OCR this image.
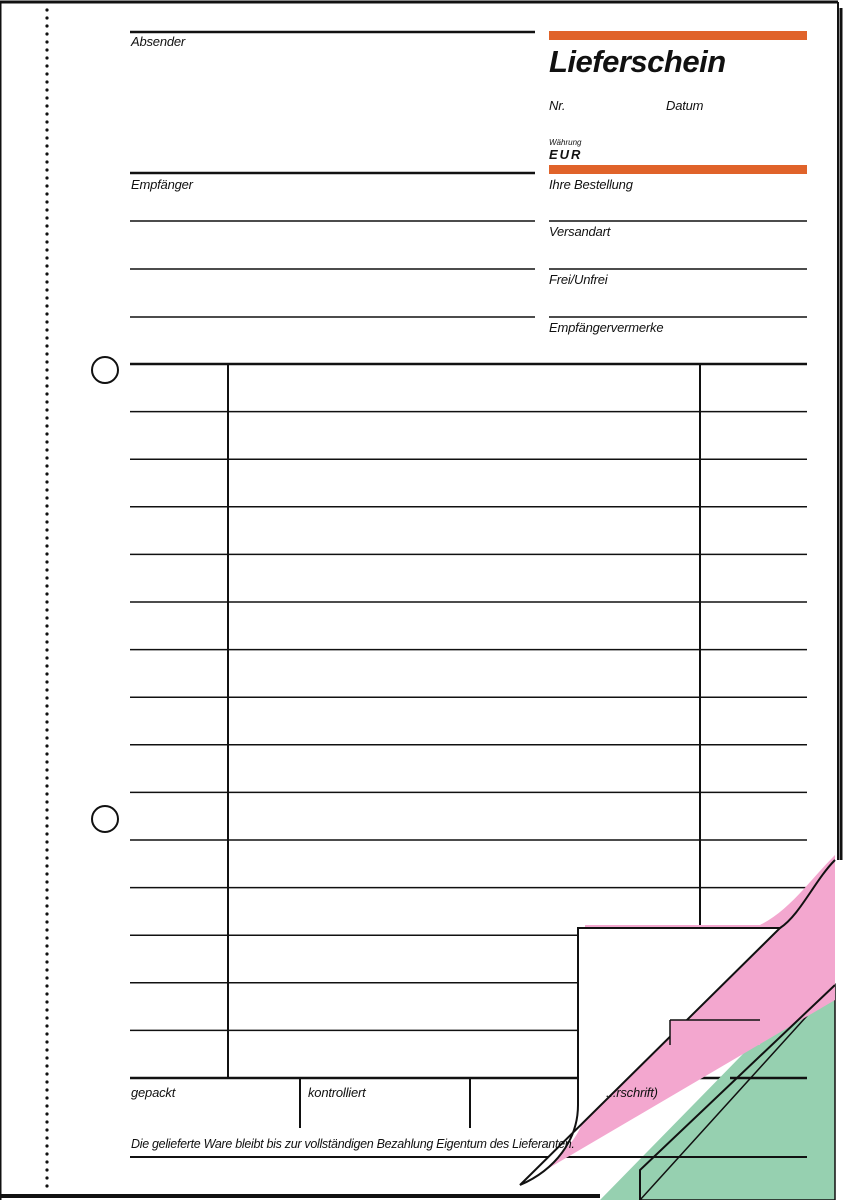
Absender
Lieferschein
Nr.	Datum
Währung
EUR
Empfänger	Ihre Bestellung
Versandart
Frei/Unfrei
Empfängervermerke
gepackt	kontrolliert	...rschrift)
Die gelieferte Ware bleibt bis zur vollständigen Bezahlung Eigentum des Lieferanten.
